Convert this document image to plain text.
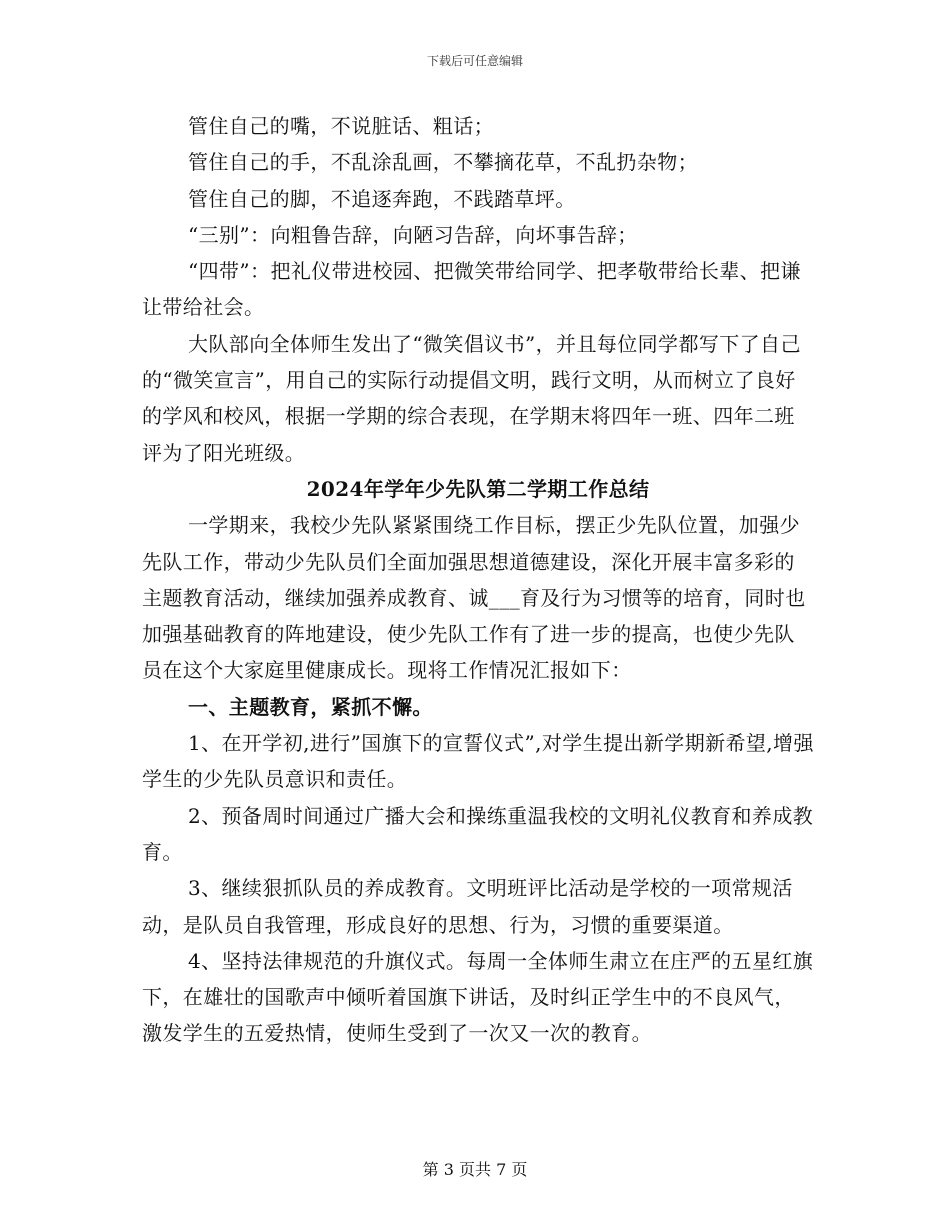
下载后可任意编辑

管住自己的嘴，不说脏话、粗话；

管住自己的手，不乱涂乱画，不攀摘花草，不乱扔杂物；

管住自己的脚，不追逐奔跑，不践踏草坪。

“三别”：向粗鲁告辞，向陋习告辞，向坏事告辞；

“四带”：把礼仪带进校园、把微笑带给同学、把孝敬带给长辈、把谦让带给社会。

大队部向全体师生发出了“微笑倡议书”，并且每位同学都写下了自己的“微笑宣言”，用自己的实际行动提倡文明，践行文明，从而树立了良好的学风和校风，根据一学期的综合表现，在学期末将四年一班、四年二班评为了阳光班级。

2024年学年少先队第二学期工作总结

一学期来，我校少先队紧紧围绕工作目标，摆正少先队位置，加强少先队工作，带动少先队员们全面加强思想道德建设，深化开展丰富多彩的主题教育活动，继续加强养成教育、诚___育及行为习惯等的培育，同时也加强基础教育的阵地建设，使少先队工作有了进一步的提高，也使少先队员在这个大家庭里健康成长。现将工作情况汇报如下：

一、主题教育，紧抓不懈。

1、在开学初,进行”国旗下的宣誓仪式”,对学生提出新学期新希望,增强学生的少先队员意识和责任。

2、预备周时间通过广播大会和操练重温我校的文明礼仪教育和养成教育。

3、继续狠抓队员的养成教育。文明班评比活动是学校的一项常规活动，是队员自我管理，形成良好的思想、行为，习惯的重要渠道。

4、坚持法律规范的升旗仪式。每周一全体师生肃立在庄严的五星红旗下，在雄壮的国歌声中倾听着国旗下讲话，及时纠正学生中的不良风气，激发学生的五爱热情，使师生受到了一次又一次的教育。

第 3 页共 7 页
